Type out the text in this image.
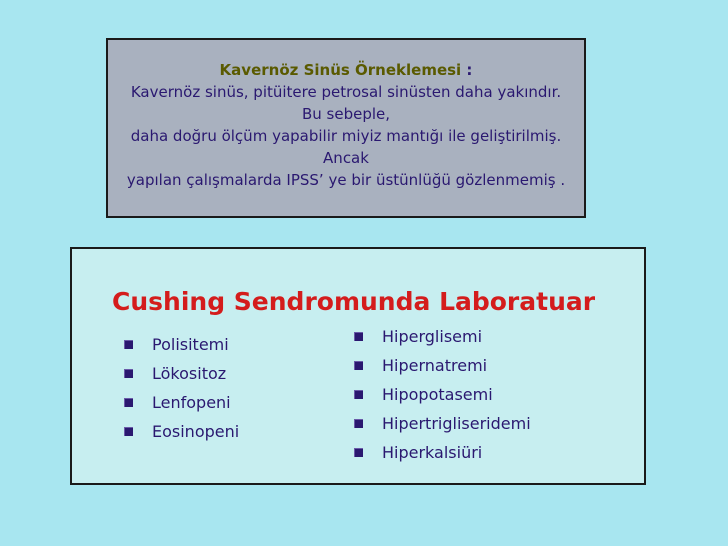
Kavernöz Sinüs Örneklemesi :
Kavernöz sinüs, pitüitere petrosal sinüsten daha yakındır.
Bu sebeple,
daha doğru ölçüm yapabilir miyiz mantığı ile geliştirilmiş.
Ancak
yapılan çalışmalarda IPSS’ ye bir üstünlüğü gözlenmemiş .
Cushing Sendromunda Laboratuar
Polisitemi
Lökositoz
Lenfopeni
Eosinopeni
Hiperglisemi
Hipernatremi
Hipopotasemi
Hipertrigliseridemi
Hiperkalsiüri
